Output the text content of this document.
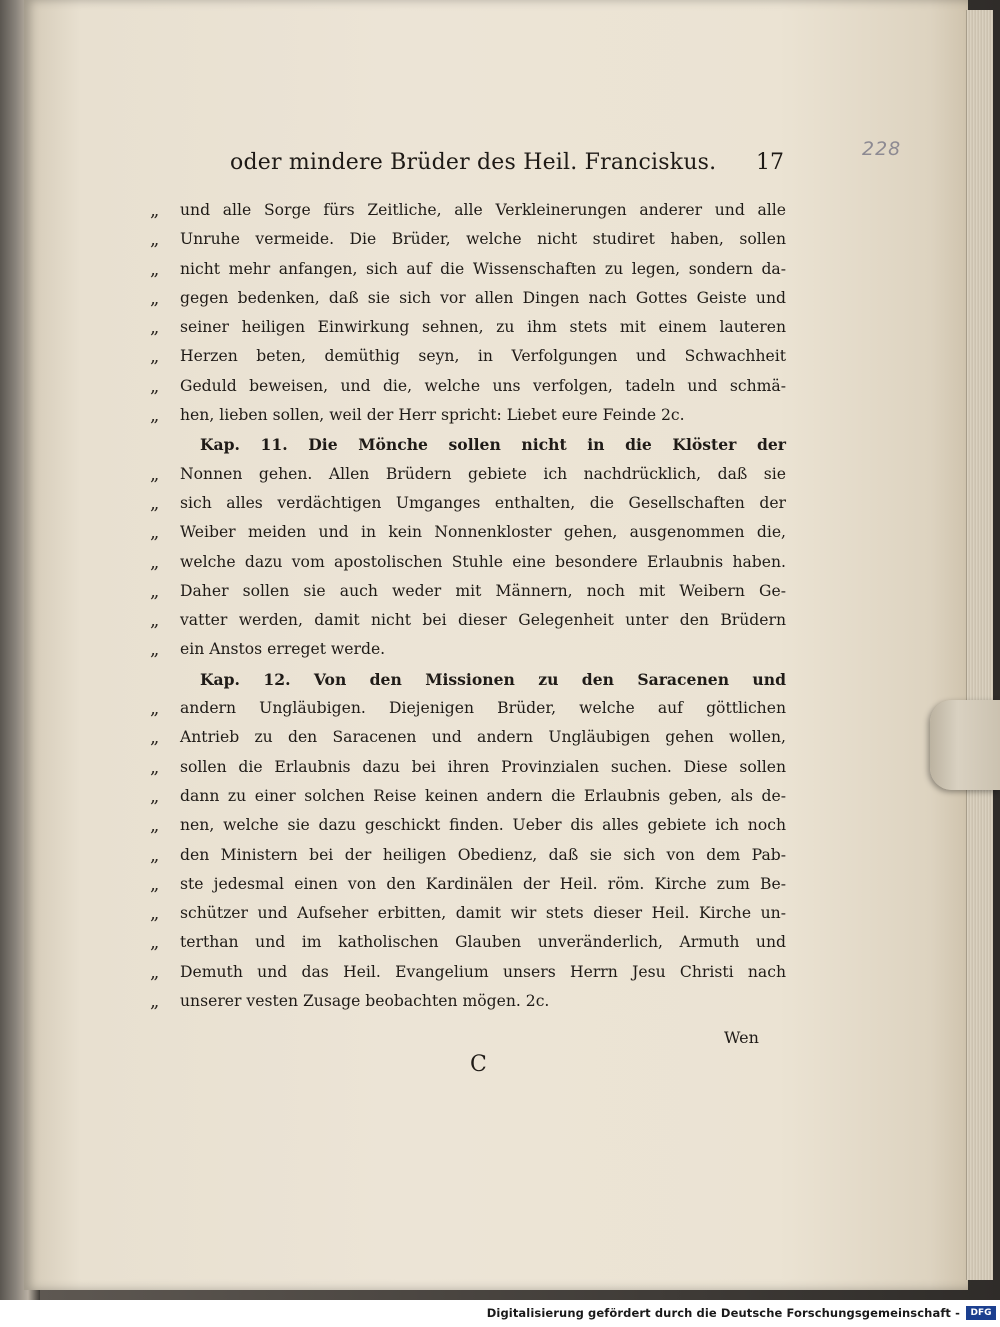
228
oder mindere Brüder des Heil. Franciskus. 17
„	und alle Sorge fürs Zeitliche, alle Verkleinerungen anderer und alle
„	Unruhe vermeide. Die Brüder, welche nicht studiret haben, sollen
„	nicht mehr anfangen, sich auf die Wissenschaften zu legen, sondern da-
„	gegen bedenken, daß sie sich vor allen Dingen nach Gottes Geiste und
„	seiner heiligen Einwirkung sehnen, zu ihm stets mit einem lauteren
„	Herzen beten, demüthig seyn, in Verfolgungen und Schwachheit
„	Geduld beweisen, und die, welche uns verfolgen, tadeln und schmä-
„	hen, lieben sollen, weil der Herr spricht: Liebet eure Feinde 2c.
Kap. 11. Die Mönche sollen nicht in die Klöster der
„	Nonnen gehen. Allen Brüdern gebiete ich nachdrücklich, daß sie
„	sich alles verdächtigen Umganges enthalten, die Gesellschaften der
„	Weiber meiden und in kein Nonnenkloster gehen, ausgenommen die,
„	welche dazu vom apostolischen Stuhle eine besondere Erlaubnis haben.
„	Daher sollen sie auch weder mit Männern, noch mit Weibern Ge-
„	vatter werden, damit nicht bei dieser Gelegenheit unter den Brüdern
„	ein Anstos erreget werde.
Kap. 12. Von den Missionen zu den Saracenen und
„	andern Ungläubigen. Diejenigen Brüder, welche auf göttlichen
„	Antrieb zu den Saracenen und andern Ungläubigen gehen wollen,
„	sollen die Erlaubnis dazu bei ihren Provinzialen suchen. Diese sollen
„	dann zu einer solchen Reise keinen andern die Erlaubnis geben, als de-
„	nen, welche sie dazu geschickt finden. Ueber dis alles gebiete ich noch
„	den Ministern bei der heiligen Obedienz, daß sie sich von dem Pab-
„	ste jedesmal einen von den Kardinälen der Heil. röm. Kirche zum Be-
„	schützer und Aufseher erbitten, damit wir stets dieser Heil. Kirche un-
„	terthan und im katholischen Glauben unveränderlich, Armuth und
„	Demuth und das Heil. Evangelium unsers Herrn Jesu Christi nach
„	unserer vesten Zusage beobachten mögen. 2c.
Wen
C
Digitalisierung gefördert durch die Deutsche Forschungsgemeinschaft -	DFG
